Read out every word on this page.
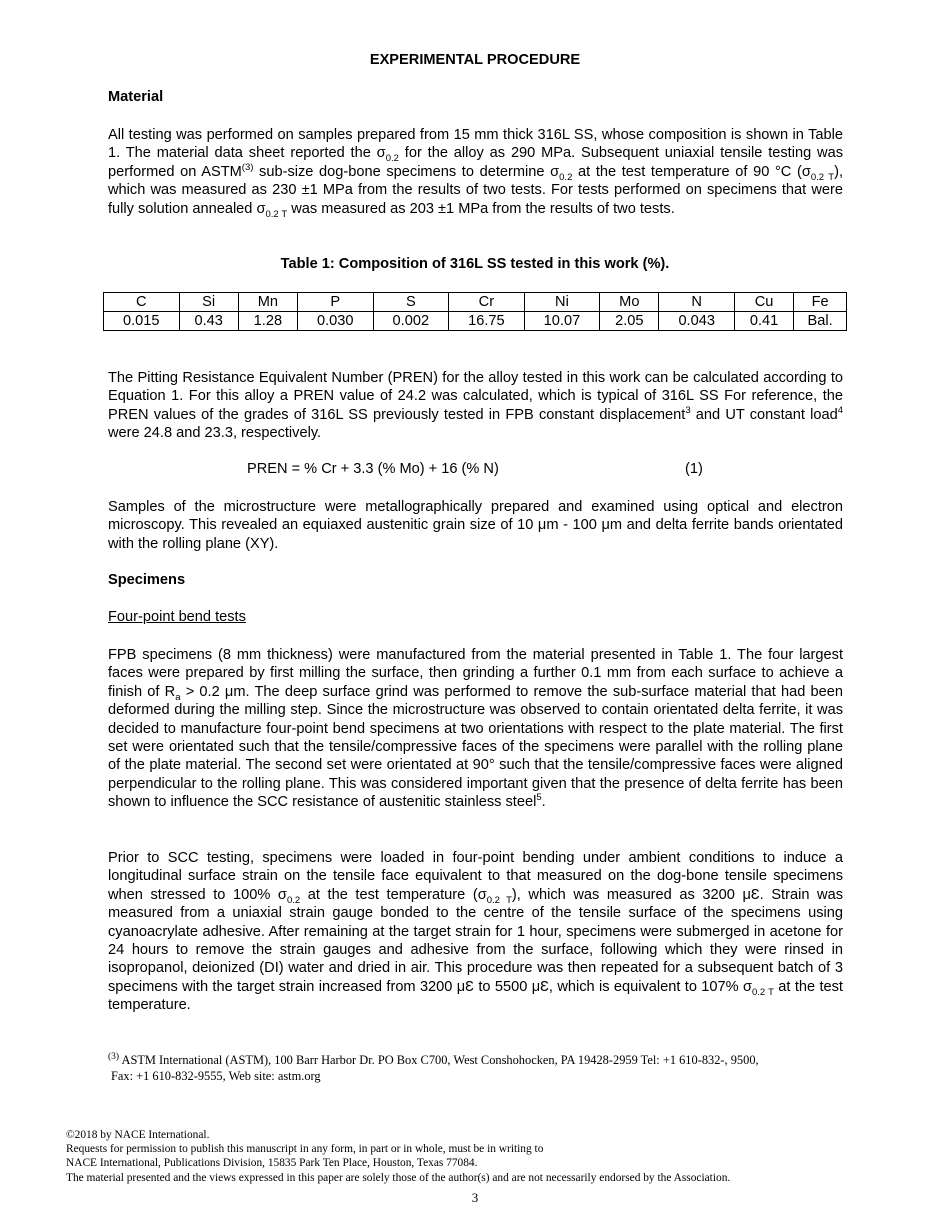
EXPERIMENTAL PROCEDURE

Material

All testing was performed on samples prepared from 15 mm thick 316L SS, whose composition is shown in Table 1. The material data sheet reported the $\sigma_{0.2}$ for the alloy as 290 MPa. Subsequent uniaxial tensile testing was performed on ASTM$^{(3)}$ sub-size dog-bone specimens to determine $\sigma_{0.2}$ at the test temperature of 90 °C $(\sigma_{0.2 T})$, which was measured as 230 ±1 MPa from the results of two tests. For tests performed on specimens that were fully solution annealed $\sigma_{0.2 T}$ was measured as 203 ±1 MPa from the results of two tests.

Table 1: Composition of 316L SS tested in this work (%).

C	Si	Mn	P	S	Cr	Ni	Mo	N	Cu	Fe
0.015	0.43	1.28	0.030	0.002	16.75	10.07	2.05	0.043	0.41	Bal.

The Pitting Resistance Equivalent Number (PREN) for the alloy tested in this work can be calculated according to Equation 1. For this alloy a PREN value of 24.2 was calculated, which is typical of 316L SS For reference, the PREN values of the grades of 316L SS previously tested in FPB constant displacement$^3$ and UT constant load$^4$ were 24.8 and 23.3, respectively.

PREN = % Cr + 3.3 (% Mo) + 16 (% N)	(1)

Samples of the microstructure were metallographically prepared and examined using optical and electron microscopy. This revealed an equiaxed austenitic grain size of 10 μm - 100 μm and delta ferrite bands orientated with the rolling plane (XY).

Specimens

Four-point bend tests

FPB specimens (8 mm thickness) were manufactured from the material presented in Table 1. The four largest faces were prepared by first milling the surface, then grinding a further 0.1 mm from each surface to achieve a finish of $R_a > 0.2$ μm. The deep surface grind was performed to remove the sub-surface material that had been deformed during the milling step. Since the microstructure was observed to contain orientated delta ferrite, it was decided to manufacture four-point bend specimens at two orientations with respect to the plate material. The first set were orientated such that the tensile/compressive faces of the specimens were parallel with the rolling plane of the plate material. The second set were orientated at 90° such that the tensile/compressive faces were aligned perpendicular to the rolling plane. This was considered important given that the presence of delta ferrite has been shown to influence the SCC resistance of austenitic stainless steel$^5$.

Prior to SCC testing, specimens were loaded in four-point bending under ambient conditions to induce a longitudinal surface strain on the tensile face equivalent to that measured on the dog-bone tensile specimens when stressed to 100% $\sigma_{0.2}$ at the test temperature $(\sigma_{0.2 T})$, which was measured as 3200 μƐ. Strain was measured from a uniaxial strain gauge bonded to the centre of the tensile surface of the specimens using cyanoacrylate adhesive. After remaining at the target strain for 1 hour, specimens were submerged in acetone for 24 hours to remove the strain gauges and adhesive from the surface, following which they were rinsed in isopropanol, deionized (DI) water and dried in air. This procedure was then repeated for a subsequent batch of 3 specimens with the target strain increased from 3200 μƐ to 5500 μƐ, which is equivalent to 107% $\sigma_{0.2 T}$ at the test temperature.

$^{(3)}$ ASTM International (ASTM), 100 Barr Harbor Dr. PO Box C700, West Conshohocken, PA 19428-2959 Tel: +1 610-832-, 9500,
Fax: +1 610-832-9555, Web site: astm.org
©2018 by NACE International.
Requests for permission to publish this manuscript in any form, in part or in whole, must be in writing to
NACE International, Publications Division, 15835 Park Ten Place, Houston, Texas 77084.
The material presented and the views expressed in this paper are solely those of the author(s) and are not necessarily endorsed by the Association.

3
